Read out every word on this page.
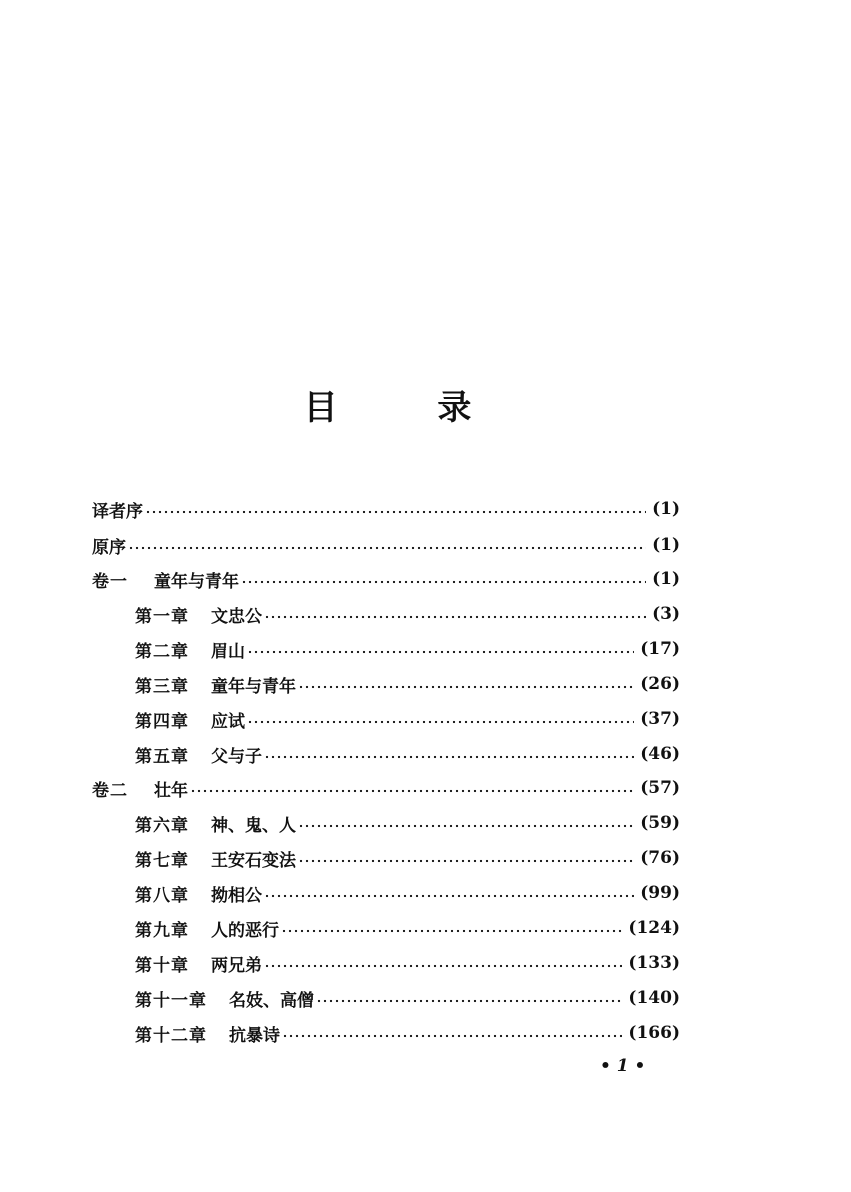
目 录
译者序	(1)
原序	(1)
卷一 童年与青年	(1)
第一章 文忠公	(3)
第二章 眉山	(17)
第三章 童年与青年	(26)
第四章 应试	(37)
第五章 父与子	(46)
卷二 壮年	(57)
第六章 神、鬼、人	(59)
第七章 王安石变法	(76)
第八章 拗相公	(99)
第九章 人的恶行	(124)
第十章 两兄弟	(133)
第十一章 名妓、高僧	(140)
第十二章 抗暴诗	(166)
• 1 •
